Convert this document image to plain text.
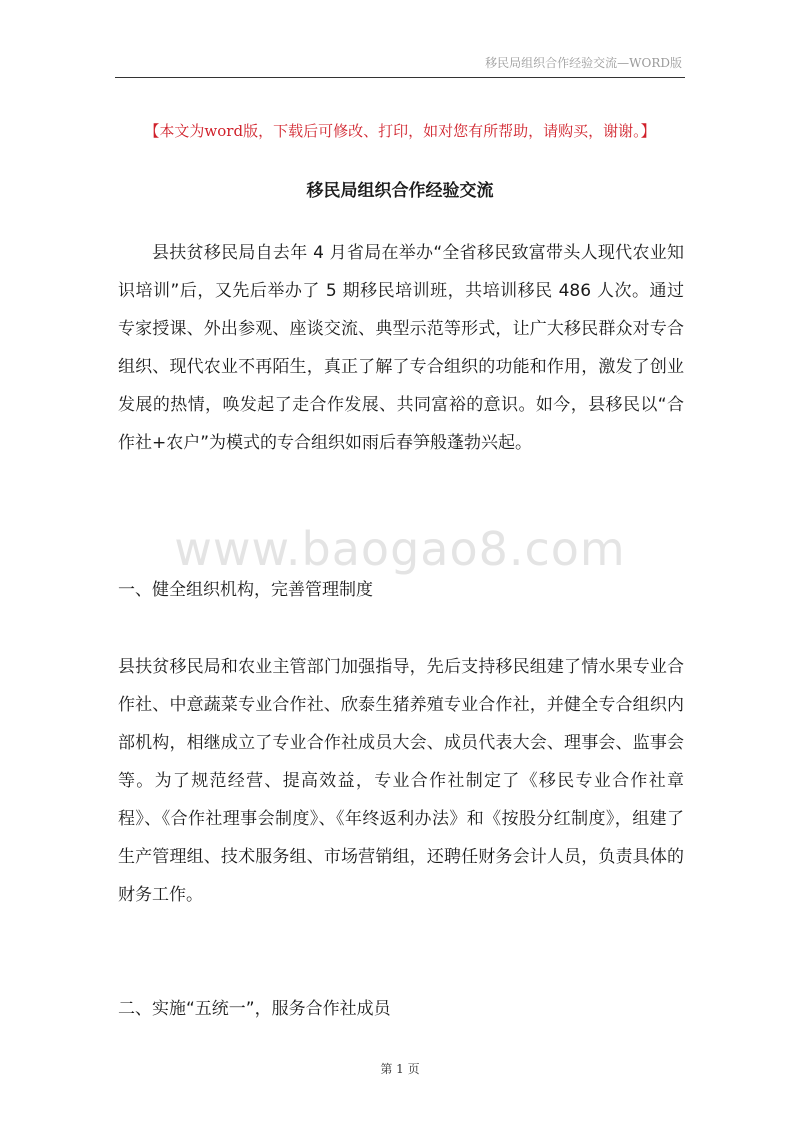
移民局组织合作经验交流—WORD版
【本文为word版，下载后可修改、打印，如对您有所帮助，请购买，谢谢。】
移民局组织合作经验交流

县扶贫移民局自去年 4 月省局在举办“全省移民致富带头人现代农业知识培训”后，又先后举办了 5 期移民培训班，共培训移民 486 人次。通过专家授课、外出参观、座谈交流、典型示范等形式，让广大移民群众对专合组织、现代农业不再陌生，真正了解了专合组织的功能和作用，激发了创业发展的热情，唤发起了走合作发展、共同富裕的意识。如今，县移民以“合作社+农户”为模式的专合组织如雨后春笋般蓬勃兴起。

www.baogao8.com

一、健全组织机构，完善管理制度

县扶贫移民局和农业主管部门加强指导，先后支持移民组建了情水果专业合作社、中意蔬菜专业合作社、欣泰生猪养殖专业合作社，并健全专合组织内部机构，相继成立了专业合作社成员大会、成员代表大会、理事会、监事会等。为了规范经营、提高效益，专业合作社制定了《移民专业合作社章程》、《合作社理事会制度》、《年终返利办法》和《按股分红制度》，组建了生产管理组、技术服务组、市场营销组，还聘任财务会计人员，负责具体的财务工作。

二、实施“五统一”，服务合作社成员

第 1 页
